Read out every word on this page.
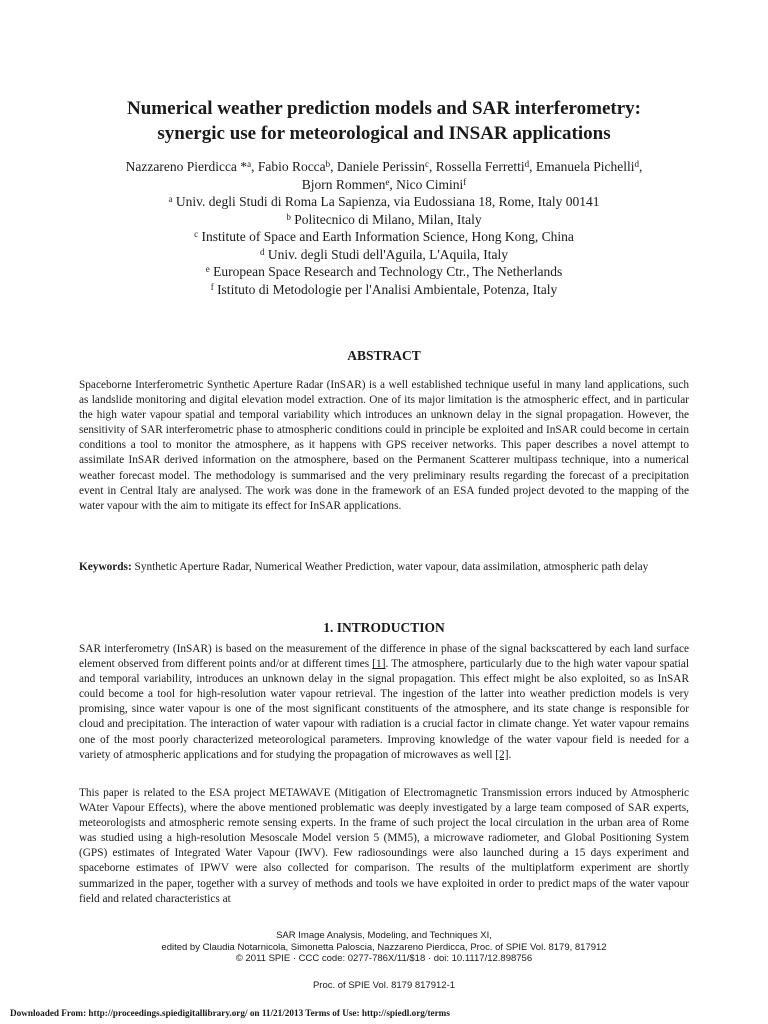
Numerical weather prediction models and SAR interferometry:
synergic use for meteorological and INSAR applications
Nazzareno Pierdicca *$^a$, Fabio Rocca$^b$, Daniele Perissin$^c$, Rossella Ferretti$^d$, Emanuela Pichelli$^d$,
Bjorn Rommen$^e$, Nico Cimini$^f$
$^a$ Univ. degli Studi di Roma La Sapienza, via Eudossiana 18, Rome, Italy 00141
$^b$ Politecnico di Milano, Milan, Italy
$^c$ Institute of Space and Earth Information Science, Hong Kong, China
$^d$ Univ. degli Studi dell'Aguila, L'Aquila, Italy
$^e$ European Space Research and Technology Ctr., The Netherlands
$^f$ Istituto di Metodologie per l'Analisi Ambientale, Potenza, Italy
ABSTRACT
Spaceborne Interferometric Synthetic Aperture Radar (InSAR) is a well established technique useful in many land applications, such as landslide monitoring and digital elevation model extraction. One of its major limitation is the atmospheric effect, and in particular the high water vapour spatial and temporal variability which introduces an unknown delay in the signal propagation. However, the sensitivity of SAR interferometric phase to atmospheric conditions could in principle be exploited and InSAR could become in certain conditions a tool to monitor the atmosphere, as it happens with GPS receiver networks. This paper describes a novel attempt to assimilate InSAR derived information on the atmosphere, based on the Permanent Scatterer multipass technique, into a numerical weather forecast model. The methodology is summarised and the very preliminary results regarding the forecast of a precipitation event in Central Italy are analysed. The work was done in the framework of an ESA funded project devoted to the mapping of the water vapour with the aim to mitigate its effect for InSAR applications.
Keywords: Synthetic Aperture Radar, Numerical Weather Prediction, water vapour, data assimilation, atmospheric path delay
1. INTRODUCTION
SAR interferometry (InSAR) is based on the measurement of the difference in phase of the signal backscattered by each land surface element observed from different points and/or at different times [1]. The atmosphere, particularly due to the high water vapour spatial and temporal variability, introduces an unknown delay in the signal propagation. This effect might be also exploited, so as InSAR could become a tool for high-resolution water vapour retrieval. The ingestion of the latter into weather prediction models is very promising, since water vapour is one of the most significant constituents of the atmosphere, and its state change is responsible for cloud and precipitation. The interaction of water vapour with radiation is a crucial factor in climate change. Yet water vapour remains one of the most poorly characterized meteorological parameters. Improving knowledge of the water vapour field is needed for a variety of atmospheric applications and for studying the propagation of microwaves as well [2].
This paper is related to the ESA project METAWAVE (Mitigation of Electromagnetic Transmission errors induced by Atmospheric WAter Vapour Effects), where the above mentioned problematic was deeply investigated by a large team composed of SAR experts, meteorologists and atmospheric remote sensing experts. In the frame of such project the local circulation in the urban area of Rome was studied using a high-resolution Mesoscale Model version 5 (MM5), a microwave radiometer, and Global Positioning System (GPS) estimates of Integrated Water Vapour (IWV). Few radiosoundings were also launched during a 15 days experiment and spaceborne estimates of IPWV were also collected for comparison. The results of the multiplatform experiment are shortly summarized in the paper, together with a survey of methods and tools we have exploited in order to predict maps of the water vapour field and related characteristics at
SAR Image Analysis, Modeling, and Techniques XI,
edited by Claudia Notarnicola, Simonetta Paloscia, Nazzareno Pierdicca, Proc. of SPIE Vol. 8179, 817912
© 2011 SPIE · CCC code: 0277-786X/11/$18 · doi: 10.1117/12.898756
Proc. of SPIE Vol. 8179 817912-1
Downloaded From: http://proceedings.spiedigitallibrary.org/ on 11/21/2013 Terms of Use: http://spiedl.org/terms
